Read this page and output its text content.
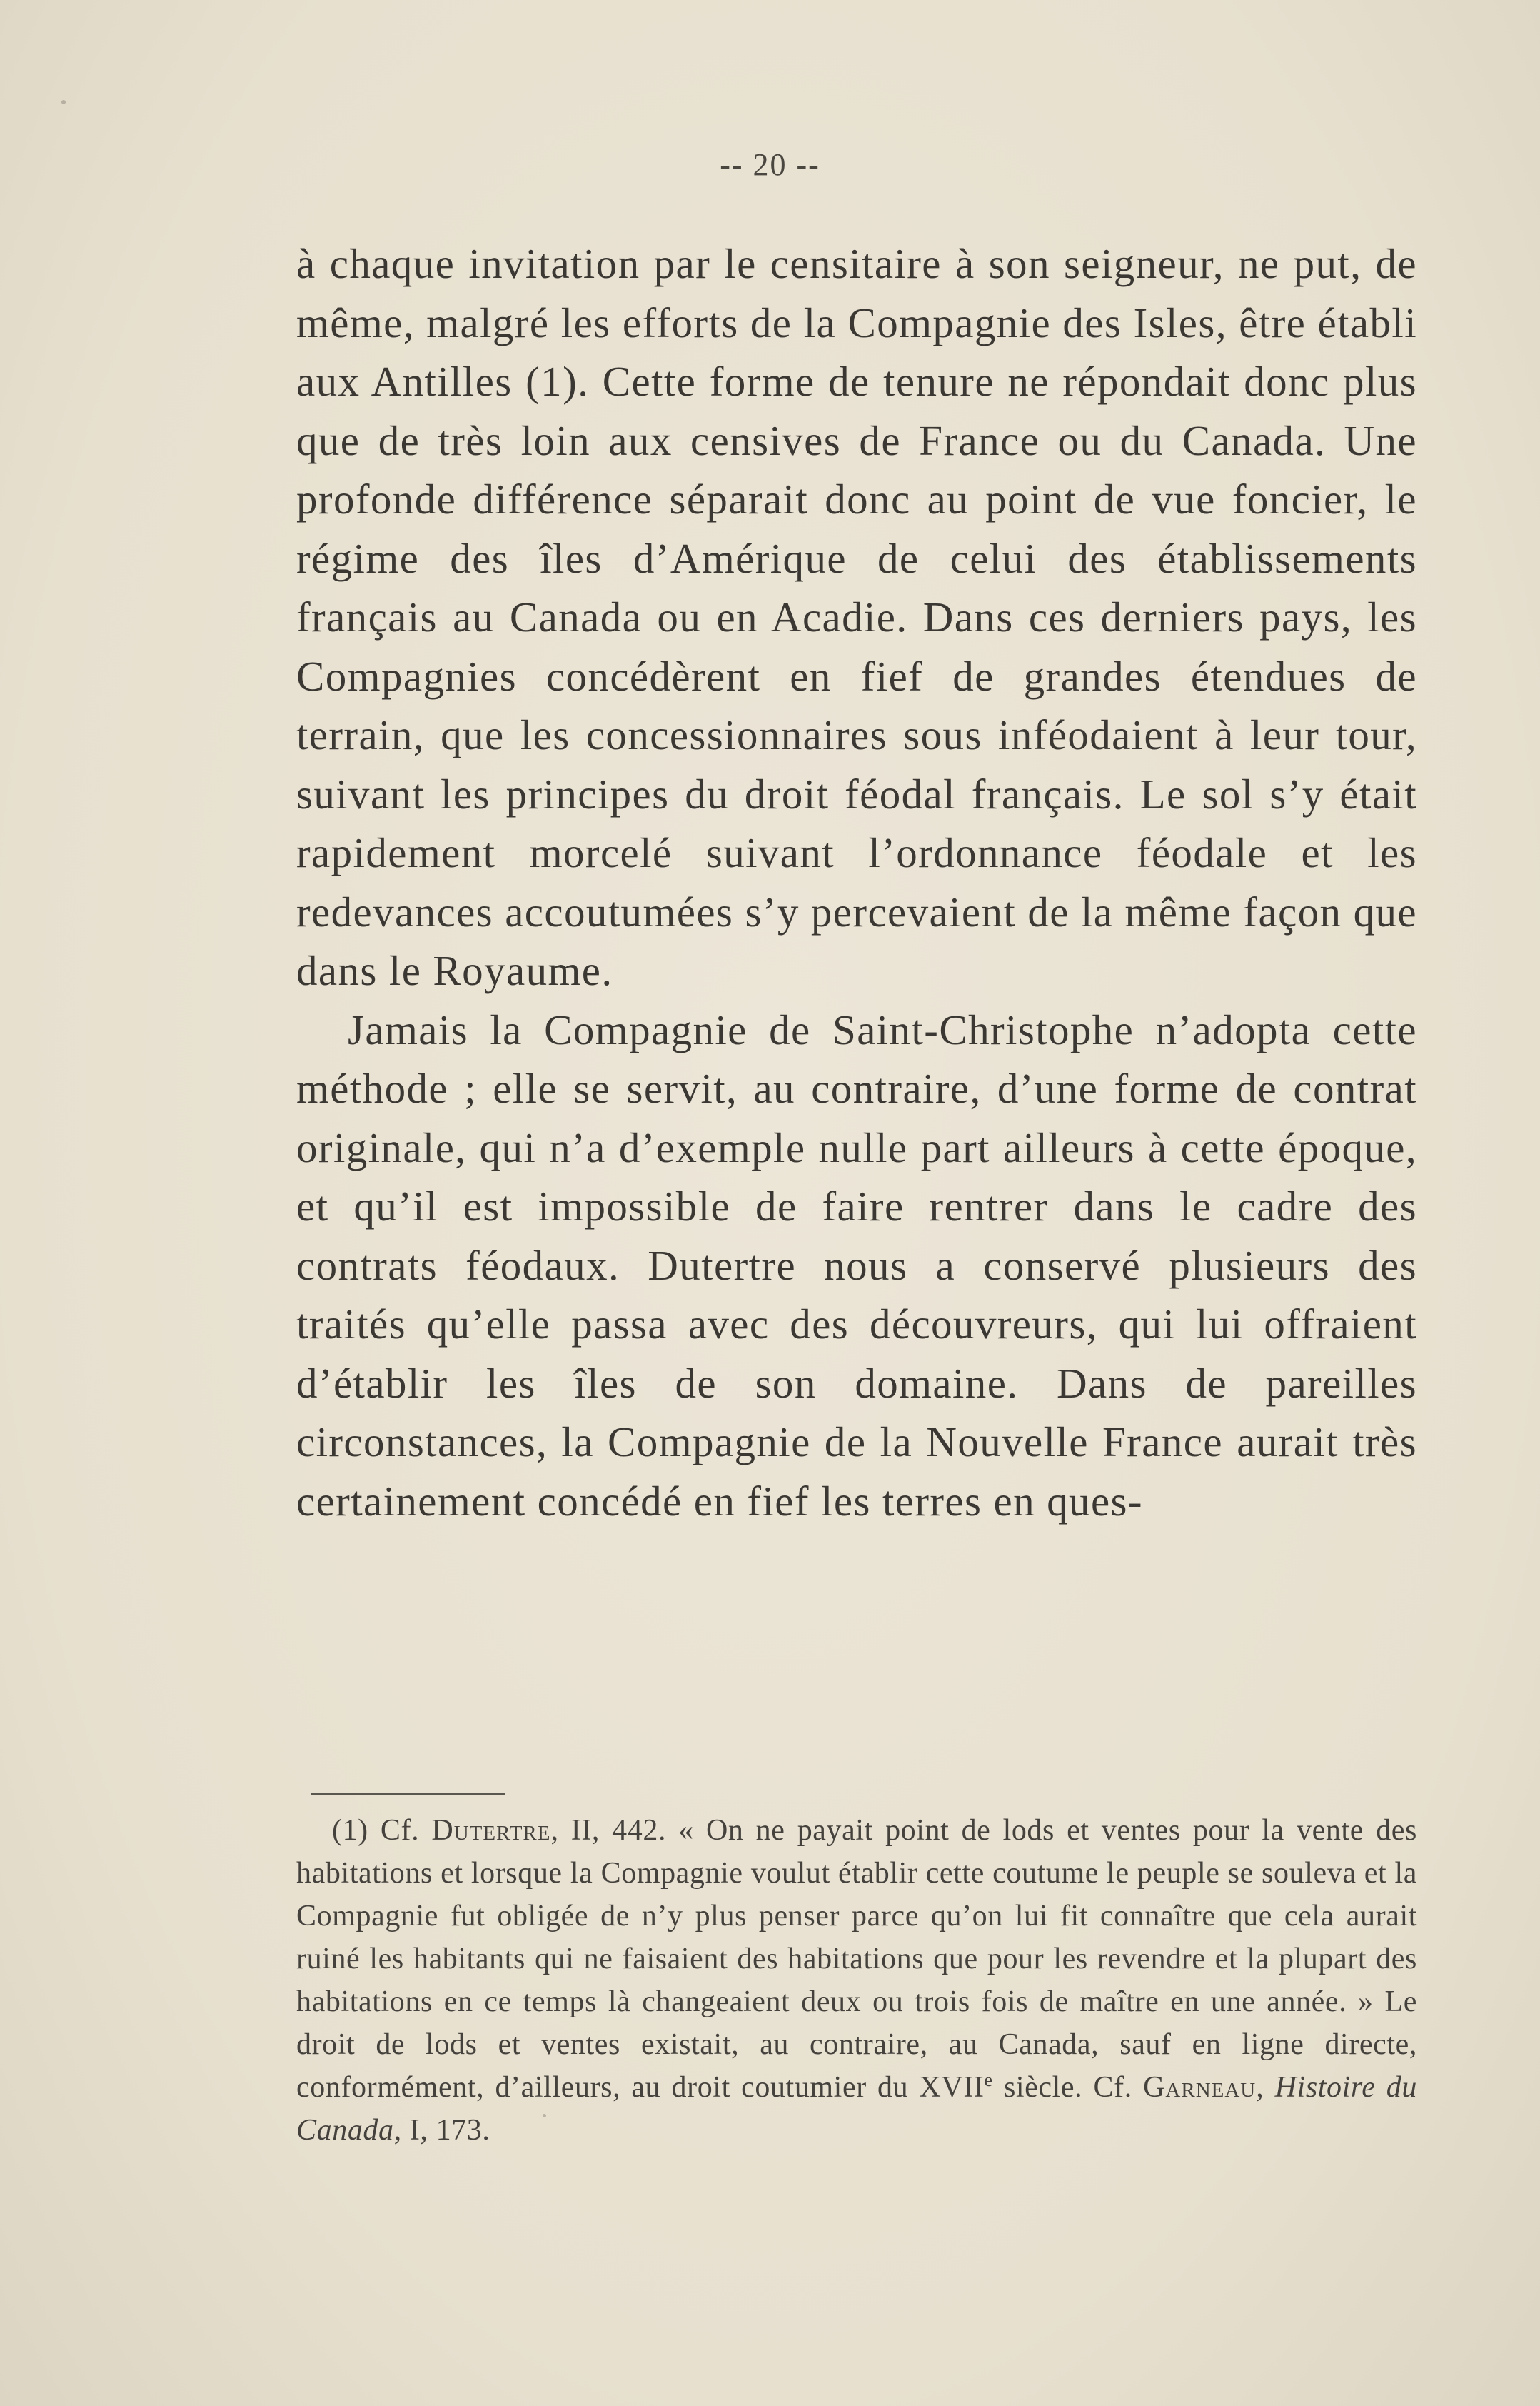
-- 20 --

à chaque invitation par le censitaire à son seigneur, ne put, de même, malgré les efforts de la Compagnie des Isles, être établi aux Antilles (1). Cette forme de tenure ne répondait donc plus que de très loin aux censives de France ou du Canada. Une profonde différence séparait donc au point de vue foncier, le régime des îles d’Amérique de celui des établissements français au Canada ou en Acadie. Dans ces derniers pays, les Compagnies concédèrent en fief de grandes étendues de terrain, que les concessionnaires sous inféodaient à leur tour, suivant les principes du droit féodal français. Le sol s’y était rapidement morcelé suivant l’ordonnance féodale et les redevances accoutumées s’y percevaient de la même façon que dans le Royaume.

Jamais la Compagnie de Saint-Christophe n’adopta cette méthode ; elle se servit, au contraire, d’une forme de contrat originale, qui n’a d’exemple nulle part ailleurs à cette époque, et qu’il est impossible de faire rentrer dans le cadre des contrats féodaux. Dutertre nous a conservé plusieurs des traités qu’elle passa avec des découvreurs, qui lui offraient d’établir les îles de son domaine. Dans de pareilles circonstances, la Compagnie de la Nouvelle France aurait très certainement concédé en fief les terres en ques-

(1) Cf. Dutertre, II, 442. « On ne payait point de lods et ventes pour la vente des habitations et lorsque la Compagnie voulut établir cette coutume le peuple se souleva et la Compagnie fut obligée de n’y plus penser parce qu’on lui fit connaître que cela aurait ruiné les habitants qui ne faisaient des habitations que pour les revendre et la plupart des habitations en ce temps là changeaient deux ou trois fois de maître en une année. » Le droit de lods et ventes existait, au contraire, au Canada, sauf en ligne directe, conformément, d’ailleurs, au droit coutumier du XVIIe siècle. Cf. Garneau, Histoire du Canada, I, 173.
